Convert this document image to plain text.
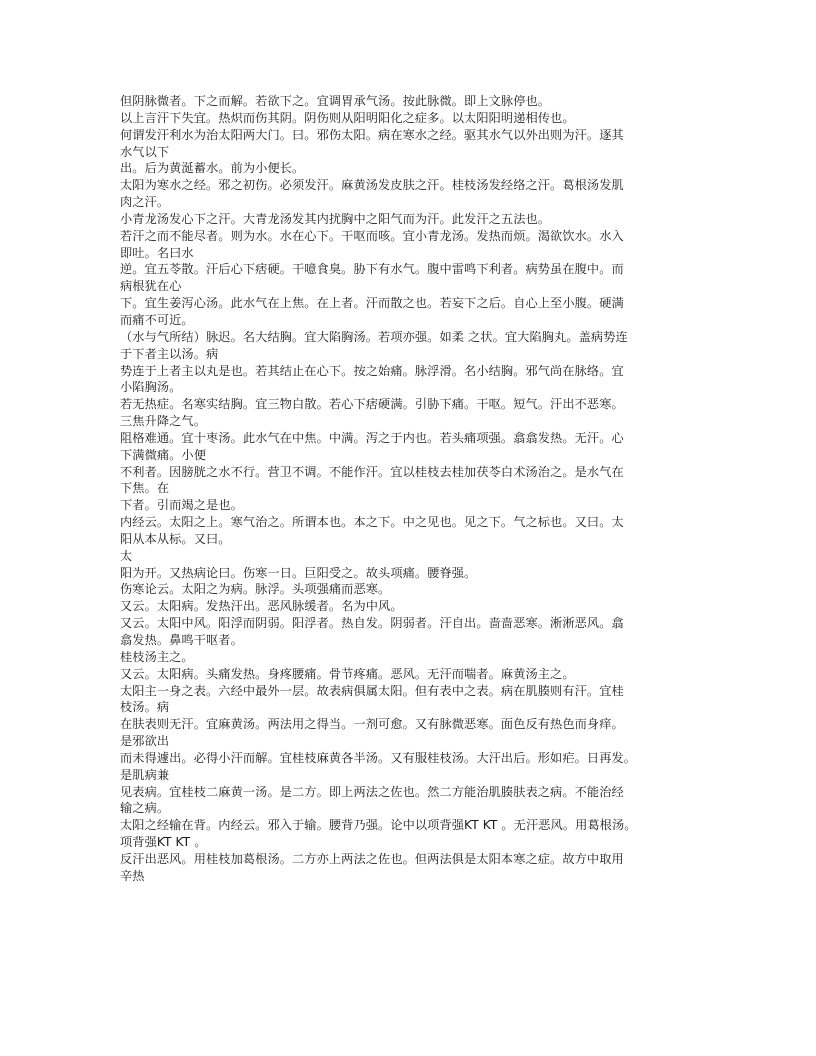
但阴脉微者。下之而解。若欲下之。宜调胃承气汤。按此脉微。即上文脉停也。
以上言汗下失宜。热炽而伤其阴。阴伤则从阳明阳化之症多。以太阳阳明递相传也。
何谓发汗利水为治太阳两大门。曰。邪伤太阳。病在寒水之经。驱其水气以外出则为汗。逐其
水气以下
出。后为黄涎蓄水。前为小便长。
太阳为寒水之经。邪之初伤。必须发汗。麻黄汤发皮肤之汗。桂枝汤发经络之汗。葛根汤发肌
肉之汗。
小青龙汤发心下之汗。大青龙汤发其内扰胸中之阳气而为汗。此发汗之五法也。
若汗之而不能尽者。则为水。水在心下。干呕而咳。宜小青龙汤。发热而烦。渴欲饮水。水入
即吐。名曰水
逆。宜五苓散。汗后心下痞硬。干噫食臭。胁下有水气。腹中雷鸣下利者。病势虽在腹中。而
病根犹在心
下。宜生姜泻心汤。此水气在上焦。在上者。汗而散之也。若妄下之后。自心上至小腹。硬满
而痛不可近。
（水与气所结）脉迟。名大结胸。宜大陷胸汤。若项亦强。如柔 之状。宜大陷胸丸。盖病势连
于下者主以汤。病
势连于上者主以丸是也。若其结止在心下。按之始痛。脉浮滑。名小结胸。邪气尚在脉络。宜
小陷胸汤。
若无热症。名寒实结胸。宜三物白散。若心下痞硬满。引胁下痛。干呕。短气。汗出不恶寒。
三焦升降之气。
阻格难通。宜十枣汤。此水气在中焦。中满。泻之于内也。若头痛项强。翕翕发热。无汗。心
下满微痛。小便
不利者。因膀胱之水不行。营卫不调。不能作汗。宜以桂枝去桂加茯苓白术汤治之。是水气在
下焦。在
下者。引而竭之是也。
内经云。太阳之上。寒气治之。所谓本也。本之下。中之见也。见之下。气之标也。又曰。太
阳从本从标。又曰。
太
阳为开。又热病论曰。伤寒一日。巨阳受之。故头项痛。腰脊强。
伤寒论云。太阳之为病。脉浮。头项强痛而恶寒。
又云。太阳病。发热汗出。恶风脉缓者。名为中风。
又云。太阳中风。阳浮而阴弱。阳浮者。热自发。阴弱者。汗自出。啬啬恶寒。淅淅恶风。翕
翕发热。鼻鸣干呕者。
桂枝汤主之。
又云。太阳病。头痛发热。身疼腰痛。骨节疼痛。恶风。无汗而喘者。麻黄汤主之。
太阳主一身之表。六经中最外一层。故表病俱属太阳。但有表中之表。病在肌腠则有汗。宜桂
枝汤。病
在肤表则无汗。宜麻黄汤。两法用之得当。一剂可愈。又有脉微恶寒。面色反有热色而身痒。
是邪欲出
而未得遽出。必得小汗而解。宜桂枝麻黄各半汤。又有服桂枝汤。大汗出后。形如疟。日再发。
是肌病兼
见表病。宜桂枝二麻黄一汤。是二方。即上两法之佐也。然二方能治肌腠肤表之病。不能治经
输之病。
太阳之经输在背。内经云。邪入于输。腰背乃强。论中以项背强KT KT 。无汗恶风。用葛根汤。
项背强KT KT 。
反汗出恶风。用桂枝加葛根汤。二方亦上两法之佐也。但两法俱是太阳本寒之症。故方中取用
辛热
